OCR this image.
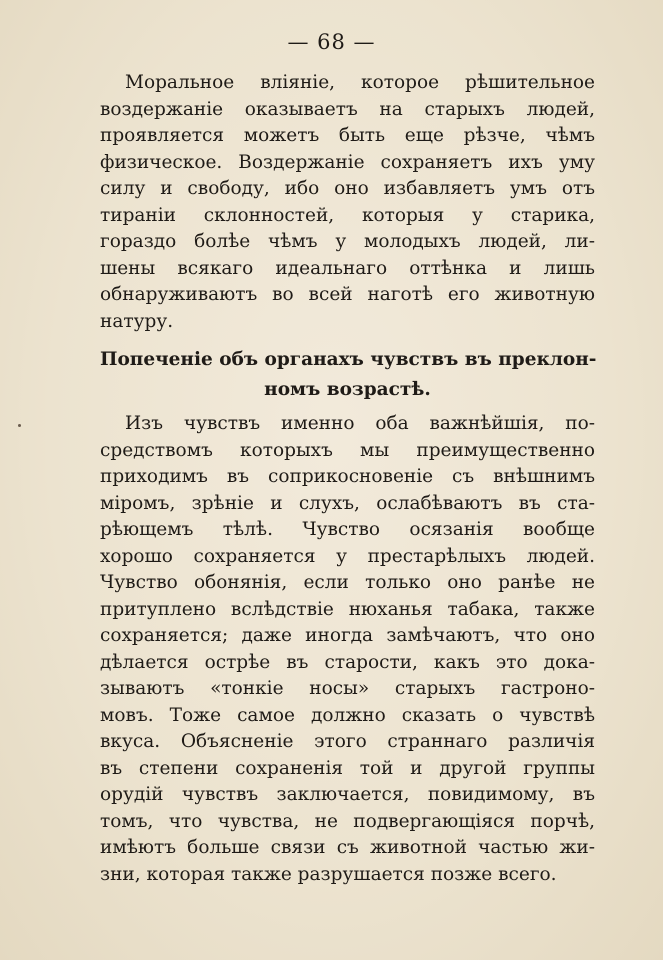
— 68 —
Моральное вліяніе, которое рѣшительное
воздержаніе оказываетъ на старыхъ людей,
проявляется можетъ быть еще рѣзче, чѣмъ
физическое. Воздержаніе сохраняетъ ихъ уму
силу и свободу, ибо оно избавляетъ умъ отъ
тираніи склонностей, которыя у старика,
гораздо болѣе чѣмъ у молодыхъ людей, ли-
шены всякаго идеальнаго оттѣнка и лишь
обнаруживаютъ во всей наготѣ его животную
натуру.
Попеченіе объ органахъ чувствъ въ преклон-
номъ возрастѣ.
Изъ чувствъ именно оба важнѣйшія, по-
средствомъ которыхъ мы преимущественно
приходимъ въ соприкосновеніе съ внѣшнимъ
міромъ, зрѣніе и слухъ, ослабѣваютъ въ ста-
рѣющемъ тѣлѣ. Чувство осязанія вообще
хорошо сохраняется у престарѣлыхъ людей.
Чувство обонянія, если только оно ранѣе не
притуплено вслѣдствіе нюханья табака, также
сохраняется; даже иногда замѣчаютъ, что оно
дѣлается острѣе въ старости, какъ это дока-
зываютъ «тонкіе носы» старыхъ гастроно-
мовъ. Тоже самое должно сказать о чувствѣ
вкуса. Объясненіе этого страннаго различія
въ степени сохраненія той и другой группы
орудій чувствъ заключается, повидимому, въ
томъ, что чувства, не подвергающіяся порчѣ,
имѣютъ больше связи съ животной частью жи-
зни, которая также разрушается позже всего.
